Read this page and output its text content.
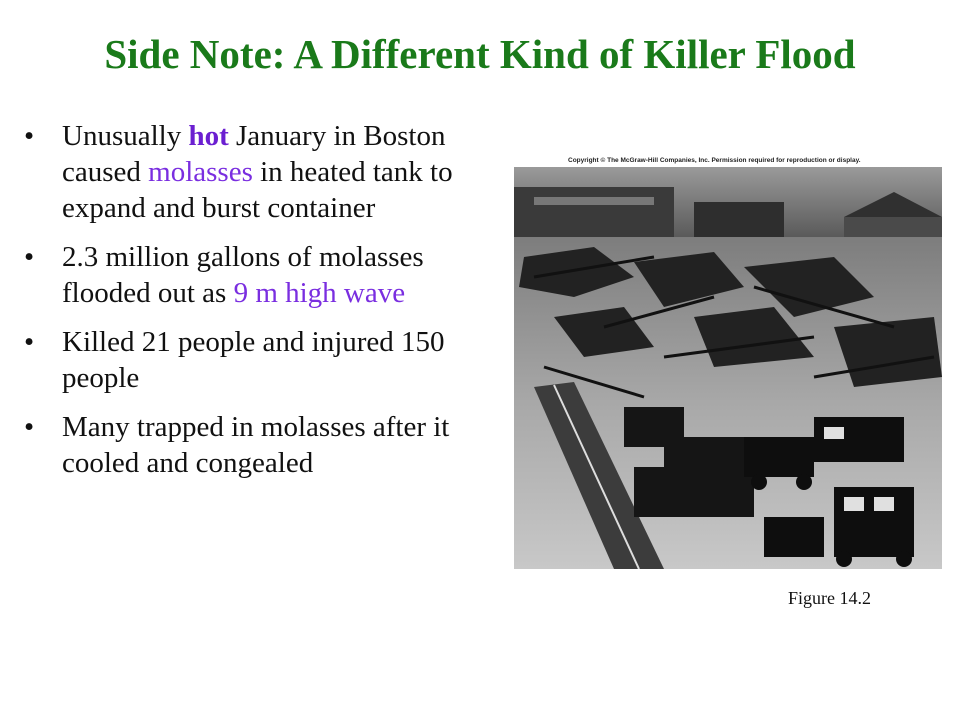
Side Note: A Different Kind of Killer Flood
• Unusually hot January in Boston caused molasses in heated tank to expand and burst container
• 2.3 million gallons of molasses flooded out as 9 m high wave
• Killed 21 people and injured 150 people
• Many trapped in molasses after it cooled and congealed
Copyright © The McGraw-Hill Companies, Inc. Permission required for reproduction or display.
Figure 14.2
